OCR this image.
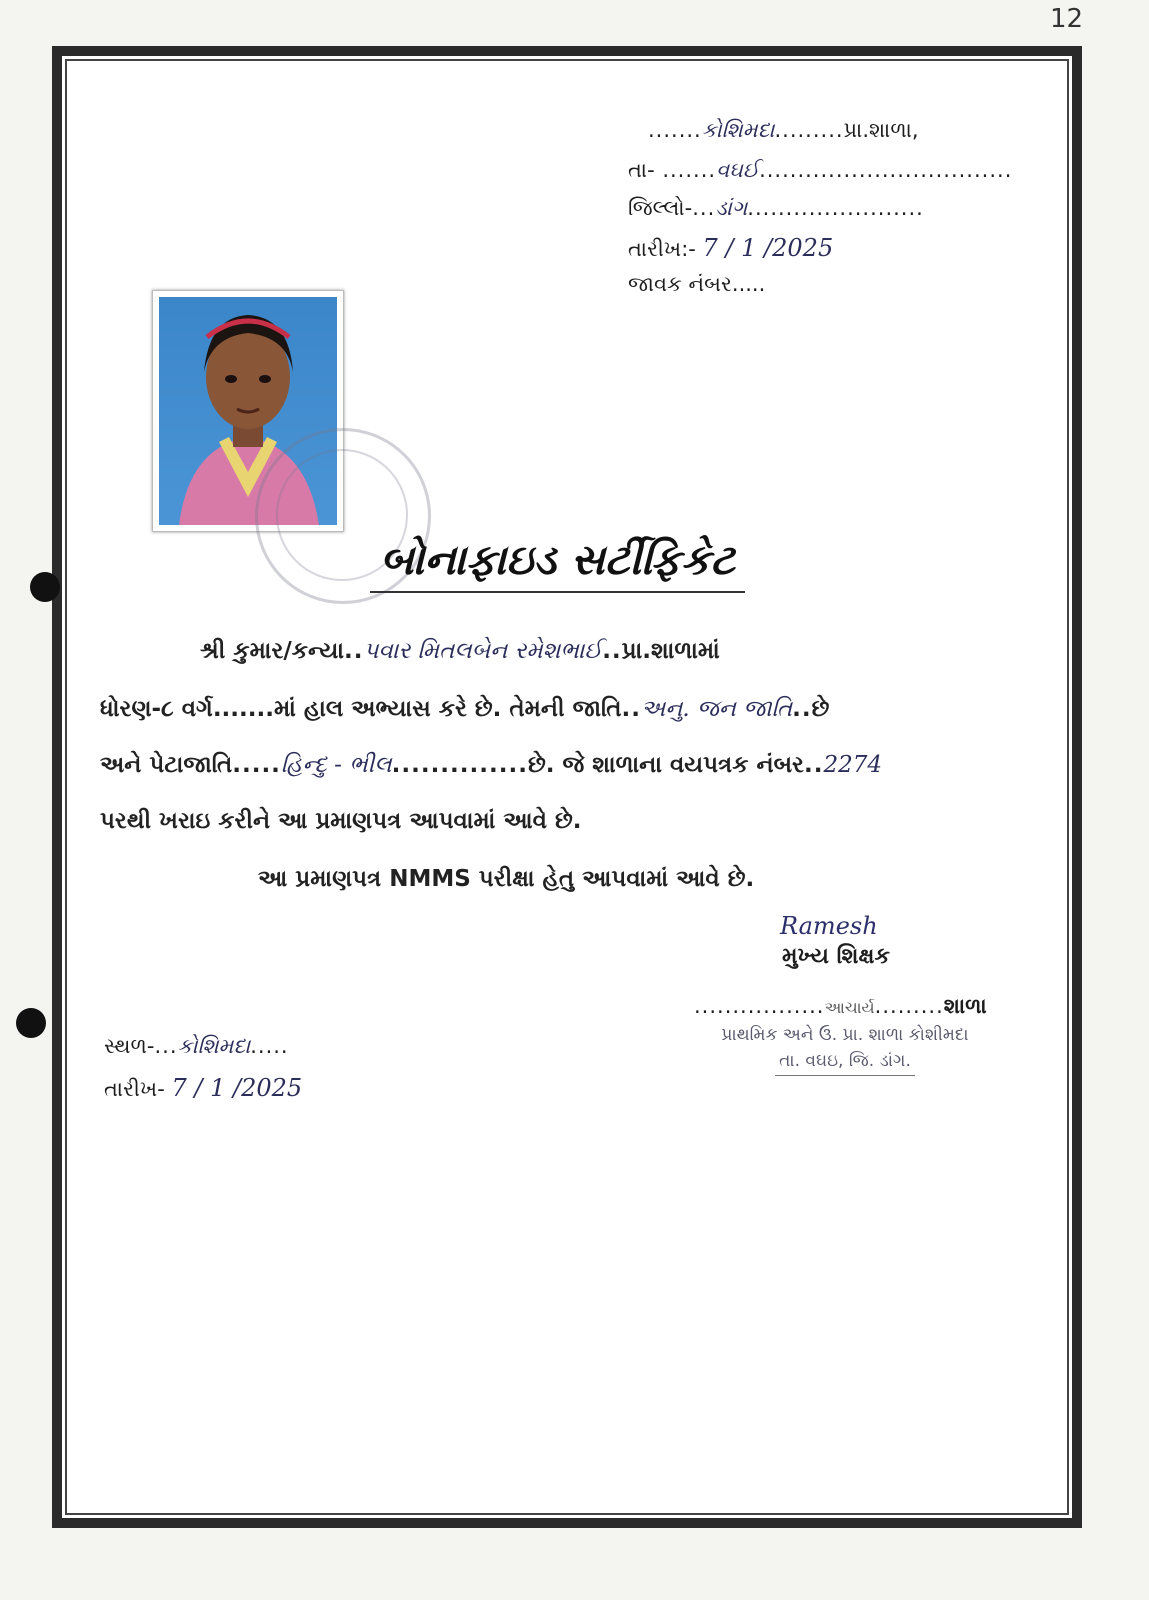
12
.......કોશિમદા.........પ્રા.શાળા,
તા- .......વઘઈ.................................
જિલ્લો-...ડાંગ.......................
તારીખ:- 7 / 1 /2025
જાવક નંબર.....
બોનાફાઇડ સર્ટીફિકેટ
શ્રી કુમાર/કન્યા..પવાર મિતલબેન રમેશભાઈ..પ્રા.શાળામાં
ધોરણ-૮ વર્ગ.......માં હાલ અભ્યાસ કરે છે. તેમની જાતિ..અનુ. જન જાતિ..છે
અને પેટાજાતિ.....હિન્દુ - ભીલ..............છે. જે શાળાના વયપત્રક નંબર..2274
પરથી ખરાઇ કરીને આ પ્રમાણપત્ર આપવામાં આવે છે.
આ પ્રમાણપત્ર NMMS પરીક્ષા હેતુ આપવામાં આવે છે.
Ramesh
મુખ્ય શિક્ષક
.................આચાર્ય.........શાળા
પ્રાથમિક અને ઉ. પ્રા. શાળા કોશીમદા
તા. વઘઇ, જિ. ડાંગ.
સ્થળ-...કોશિમદા.....
તારીખ- 7 / 1 /2025
